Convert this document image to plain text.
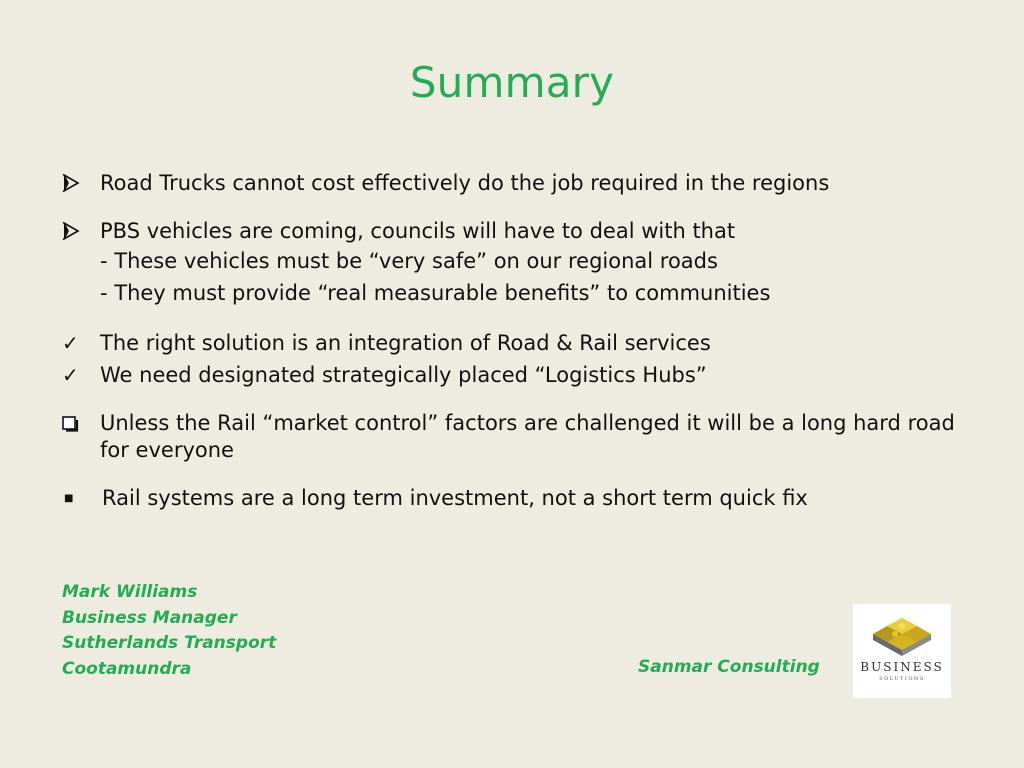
Summary
Road Trucks cannot cost effectively do the job required in the regions
PBS vehicles are coming, councils will have to deal with that
- These vehicles must be “very safe” on our regional roads
- They must provide “real measurable benefits” to communities
✓	The right solution is an integration of Road & Rail services
✓	We need designated strategically placed “Logistics Hubs”
Unless the Rail “market control” factors are challenged it will be a long hard road for everyone
■	Rail systems are a long term investment, not a short term quick fix
Mark Williams
Business Manager
Sutherlands Transport
Cootamundra	Sanmar Consulting	BUSINESS
SOLUTIONS
